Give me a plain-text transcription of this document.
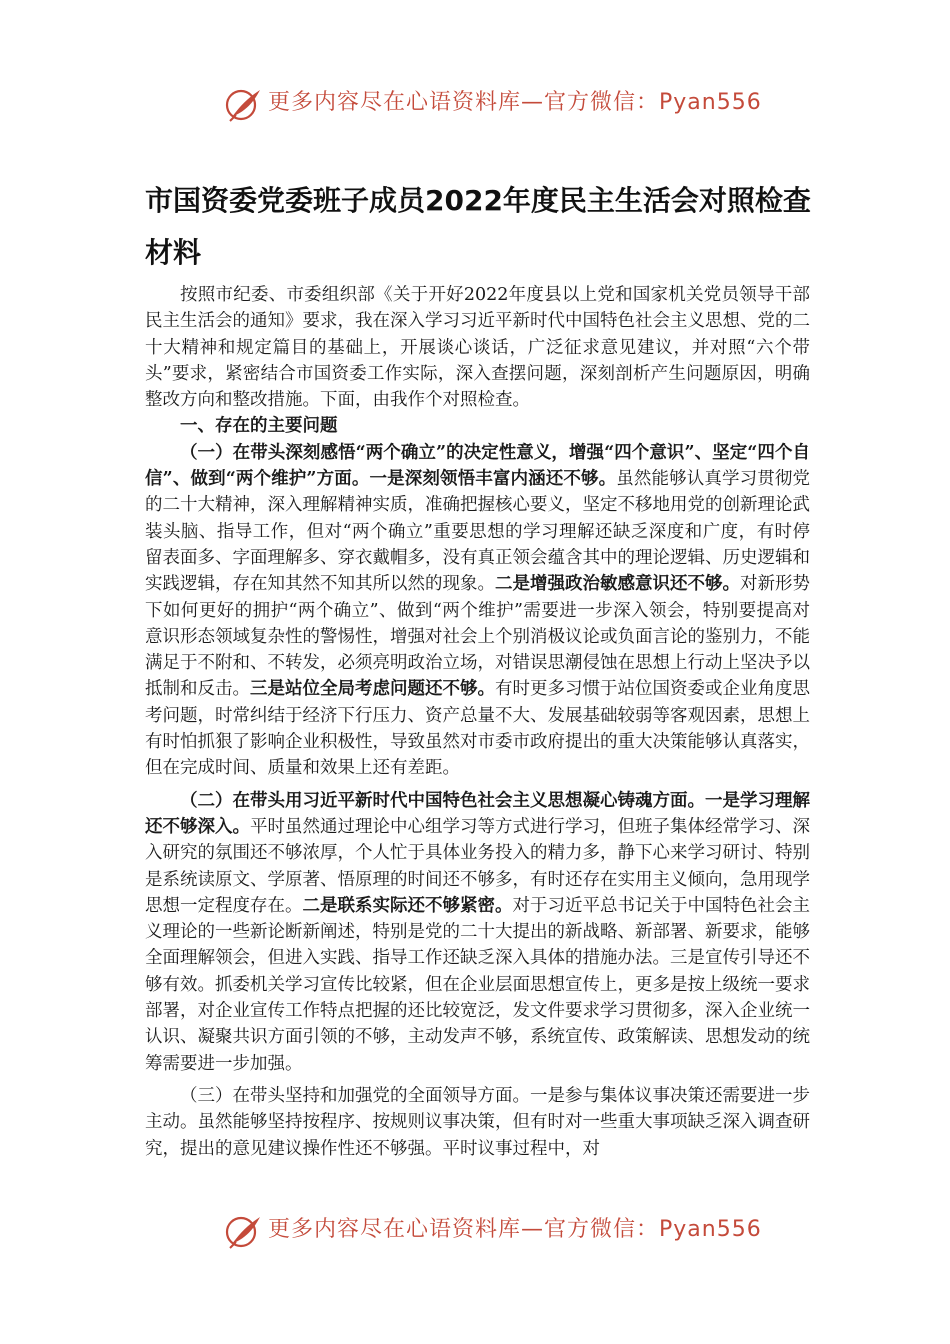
更多内容尽在心语资料库—官方微信：Pyan556
市国资委党委班子成员2022年度民主生活会对照检查材料

按照市纪委、市委组织部《关于开好2022年度县以上党和国家机关党员领导干部民主生活会的通知》要求，我在深入学习习近平新时代中国特色社会主义思想、党的二十大精神和规定篇目的基础上，开展谈心谈话，广泛征求意见建议，并对照“六个带头”要求，紧密结合市国资委工作实际，深入查摆问题，深刻剖析产生问题原因，明确整改方向和整改措施。下面，由我作个对照检查。

一、存在的主要问题

（一）在带头深刻感悟“两个确立”的决定性意义，增强“四个意识”、坚定“四个自信”、做到“两个维护”方面。一是深刻领悟丰富内涵还不够。虽然能够认真学习贯彻党的二十大精神，深入理解精神实质，准确把握核心要义，坚定不移地用党的创新理论武装头脑、指导工作，但对“两个确立”重要思想的学习理解还缺乏深度和广度，有时停留表面多、字面理解多、穿衣戴帽多，没有真正领会蕴含其中的理论逻辑、历史逻辑和实践逻辑，存在知其然不知其所以然的现象。二是增强政治敏感意识还不够。对新形势下如何更好的拥护“两个确立”、做到“两个维护”需要进一步深入领会，特别要提高对意识形态领域复杂性的警惕性，增强对社会上个别消极议论或负面言论的鉴别力，不能满足于不附和、不转发，必须亮明政治立场，对错误思潮侵蚀在思想上行动上坚决予以抵制和反击。三是站位全局考虑问题还不够。有时更多习惯于站位国资委或企业角度思考问题，时常纠结于经济下行压力、资产总量不大、发展基础较弱等客观因素，思想上有时怕抓狠了影响企业积极性，导致虽然对市委市政府提出的重大决策能够认真落实，但在完成时间、质量和效果上还有差距。

（二）在带头用习近平新时代中国特色社会主义思想凝心铸魂方面。一是学习理解还不够深入。平时虽然通过理论中心组学习等方式进行学习，但班子集体经常学习、深入研究的氛围还不够浓厚，个人忙于具体业务投入的精力多，静下心来学习研讨、特别是系统读原文、学原著、悟原理的时间还不够多，有时还存在实用主义倾向，急用现学思想一定程度存在。二是联系实际还不够紧密。对于习近平总书记关于中国特色社会主义理论的一些新论断新阐述，特别是党的二十大提出的新战略、新部署、新要求，能够全面理解领会，但进入实践、指导工作还缺乏深入具体的措施办法。三是宣传引导还不够有效。抓委机关学习宣传比较紧，但在企业层面思想宣传上，更多是按上级统一要求部署，对企业宣传工作特点把握的还比较宽泛，发文件要求学习贯彻多，深入企业统一认识、凝聚共识方面引领的不够，主动发声不够，系统宣传、政策解读、思想发动的统筹需要进一步加强。

（三）在带头坚持和加强党的全面领导方面。一是参与集体议事决策还需要进一步主动。虽然能够坚持按程序、按规则议事决策，但有时对一些重大事项缺乏深入调查研究，提出的意见建议操作性还不够强。平时议事过程中，对

更多内容尽在心语资料库—官方微信：Pyan556
